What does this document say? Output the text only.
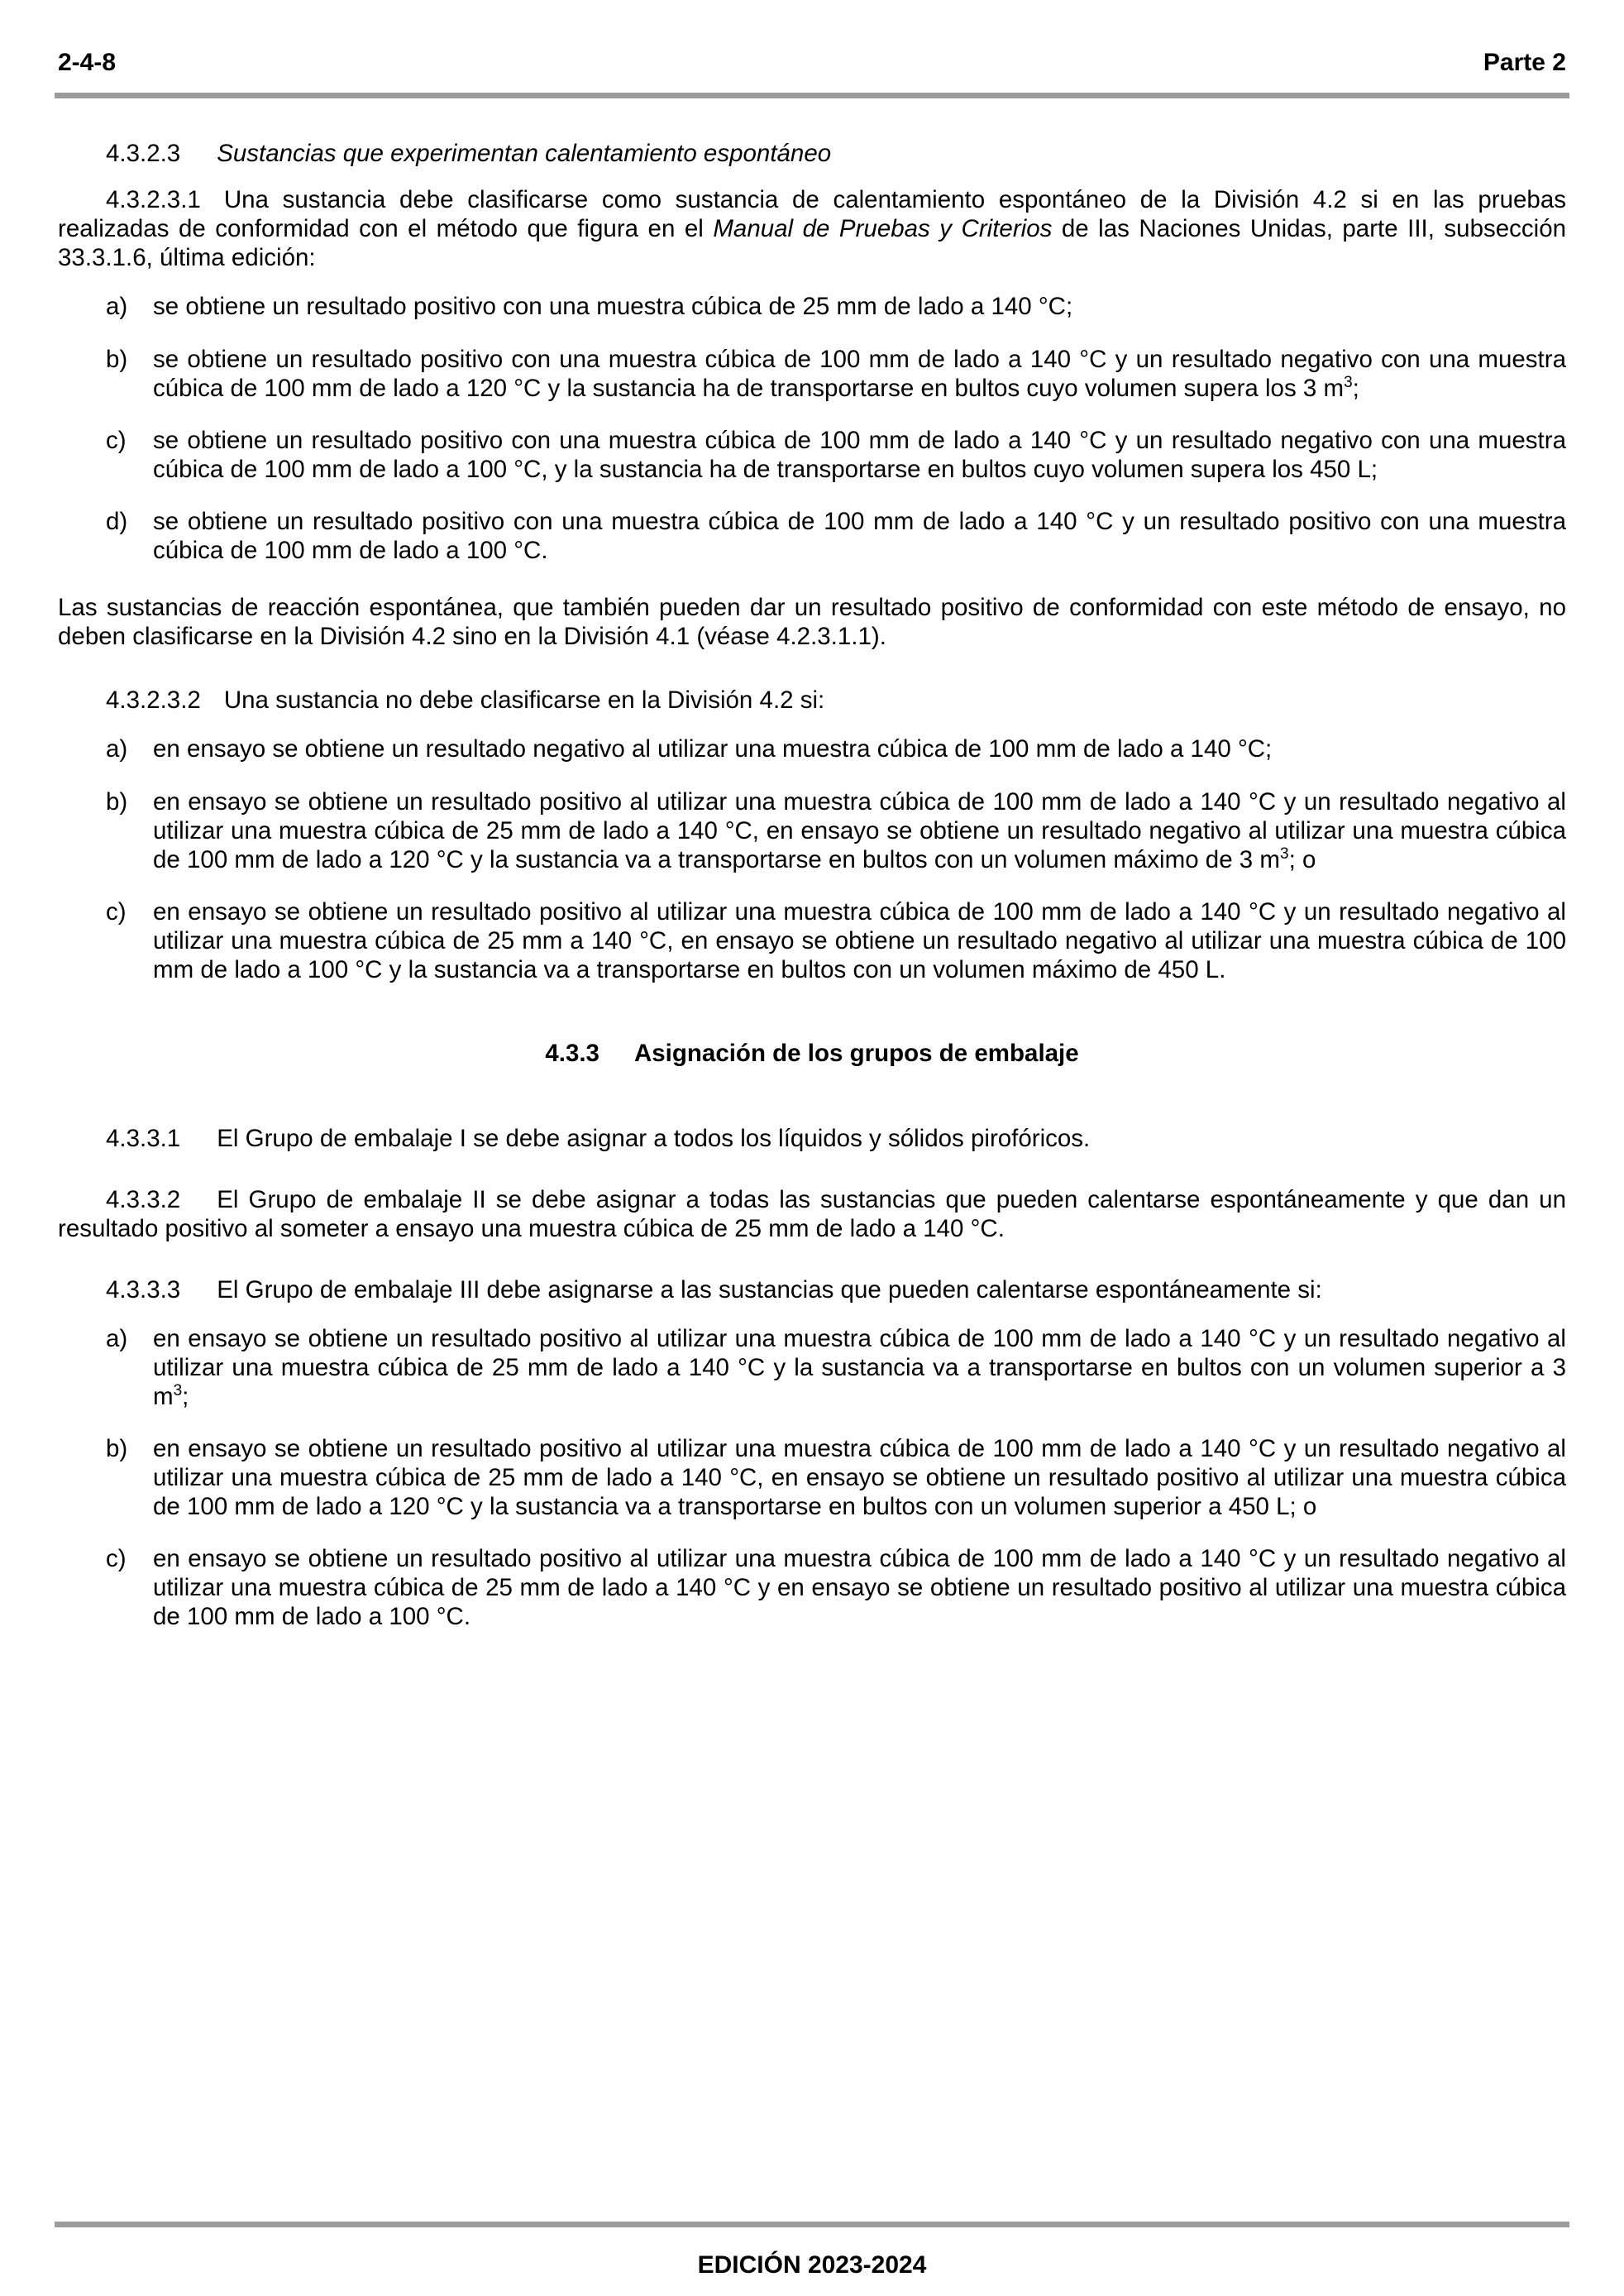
2-4-8	Parte 2

4.3.2.3 Sustancias que experimentan calentamiento espontáneo

4.3.2.3.1 Una sustancia debe clasificarse como sustancia de calentamiento espontáneo de la División 4.2 si en las pruebas realizadas de conformidad con el método que figura en el Manual de Pruebas y Criterios de las Naciones Unidas, parte III, subsección 33.3.1.6, última edición:

a) se obtiene un resultado positivo con una muestra cúbica de 25 mm de lado a 140 °C;
b) se obtiene un resultado positivo con una muestra cúbica de 100 mm de lado a 140 °C y un resultado negativo con una muestra cúbica de 100 mm de lado a 120 °C y la sustancia ha de transportarse en bultos cuyo volumen supera los 3 $m^3$;
c) se obtiene un resultado positivo con una muestra cúbica de 100 mm de lado a 140 °C y un resultado negativo con una muestra cúbica de 100 mm de lado a 100 °C, y la sustancia ha de transportarse en bultos cuyo volumen supera los 450 L;
d) se obtiene un resultado positivo con una muestra cúbica de 100 mm de lado a 140 °C y un resultado positivo con una muestra cúbica de 100 mm de lado a 100 °C.

Las sustancias de reacción espontánea, que también pueden dar un resultado positivo de conformidad con este método de ensayo, no deben clasificarse en la División 4.2 sino en la División 4.1 (véase 4.2.3.1.1).

4.3.2.3.2 Una sustancia no debe clasificarse en la División 4.2 si:

a) en ensayo se obtiene un resultado negativo al utilizar una muestra cúbica de 100 mm de lado a 140 °C;
b) en ensayo se obtiene un resultado positivo al utilizar una muestra cúbica de 100 mm de lado a 140 °C y un resultado negativo al utilizar una muestra cúbica de 25 mm de lado a 140 °C, en ensayo se obtiene un resultado negativo al utilizar una muestra cúbica de 100 mm de lado a 120 °C y la sustancia va a transportarse en bultos con un volumen máximo de 3 $m^3$; o
c) en ensayo se obtiene un resultado positivo al utilizar una muestra cúbica de 100 mm de lado a 140 °C y un resultado negativo al utilizar una muestra cúbica de 25 mm a 140 °C, en ensayo se obtiene un resultado negativo al utilizar una muestra cúbica de 100 mm de lado a 100 °C y la sustancia va a transportarse en bultos con un volumen máximo de 450 L.
4.3.3 Asignación de los grupos de embalaje

4.3.3.1 El Grupo de embalaje I se debe asignar a todos los líquidos y sólidos pirofóricos.

4.3.3.2 El Grupo de embalaje II se debe asignar a todas las sustancias que pueden calentarse espontáneamente y que dan un resultado positivo al someter a ensayo una muestra cúbica de 25 mm de lado a 140 °C.

4.3.3.3 El Grupo de embalaje III debe asignarse a las sustancias que pueden calentarse espontáneamente si:

a) en ensayo se obtiene un resultado positivo al utilizar una muestra cúbica de 100 mm de lado a 140 °C y un resultado negativo al utilizar una muestra cúbica de 25 mm de lado a 140 °C y la sustancia va a transportarse en bultos con un volumen superior a 3 $m^3$;
b) en ensayo se obtiene un resultado positivo al utilizar una muestra cúbica de 100 mm de lado a 140 °C y un resultado negativo al utilizar una muestra cúbica de 25 mm de lado a 140 °C, en ensayo se obtiene un resultado positivo al utilizar una muestra cúbica de 100 mm de lado a 120 °C y la sustancia va a transportarse en bultos con un volumen superior a 450 L; o
c) en ensayo se obtiene un resultado positivo al utilizar una muestra cúbica de 100 mm de lado a 140 °C y un resultado negativo al utilizar una muestra cúbica de 25 mm de lado a 140 °C y en ensayo se obtiene un resultado positivo al utilizar una muestra cúbica de 100 mm de lado a 100 °C.
EDICIÓN 2023-2024
